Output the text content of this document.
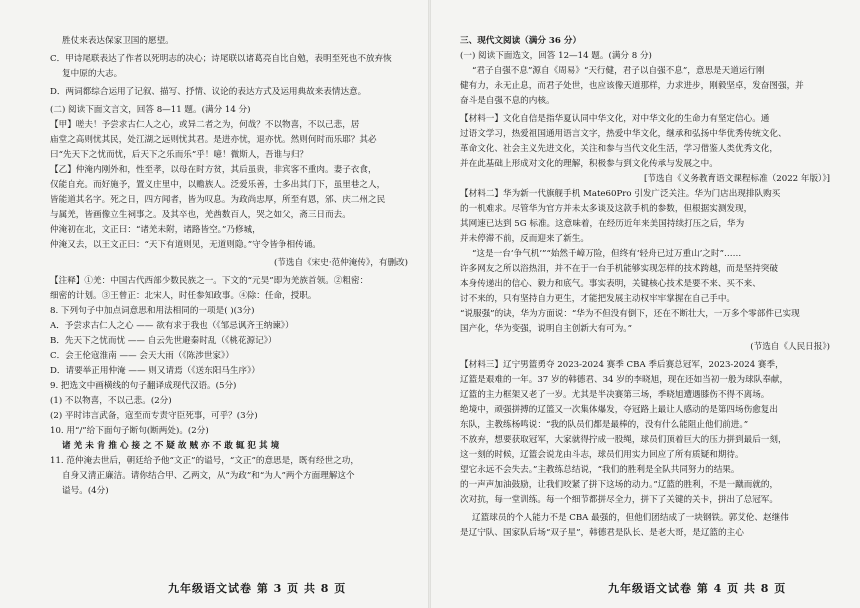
胜仗来表达保家卫国的愿望。
C．甲诗尾联表达了作者以死明志的决心；诗尾联以诸葛亮自比自勉，表明至死也不放弃恢
复中原的大志。
D．两词都综合运用了记叙、描写、抒情、议论的表达方式及运用典故来表情达意。
(二) 阅读下面文言文，回答 8—11 题。(满分 14 分)
【甲】嗟夫！予尝求古仁人之心，或异二者之为，何哉？不以物喜，不以己悲，居
庙堂之高则忧其民，处江湖之远则忧其君。是进亦忧，退亦忧。然则何时而乐耶？其必
曰“先天下之忧而忧，后天下之乐而乐”乎！噫！微斯人，吾谁与归？
【乙】仲淹内刚外和，性至孝，以母在时方贫，其后虽贵，非宾客不重肉。妻子衣食，
仅能自充。而好施予，置义庄里中，以赡族人。泛爱乐善，士多出其门下，虽里巷之人，
皆能道其名字。死之日，四方闻者，皆为叹息。为政尚忠厚，所至有恩，邠、庆二州之民
与属羌，皆画像立生祠事之。及其卒也，羌酋数百人，哭之如父，斋三日而去。
仲淹初在北，文正曰：“诸羌未附，诸路皆空。”乃修城，
仲淹又去，以王文正曰：“天下有道则见，无道则隐。”守令皆争相传诵。
(节选自《宋史·范仲淹传》，有删改)
【注释】①羌：中国古代西部少数民族之一。下文的“元昊”即为羌族首领。②粗密：
细密的计划。③王曾正：北宋人，时任参知政事。④除：任命，授职。
8. 下列句子中加点词意思和用法相同的一项是( )(3分)
A．予尝求古仁人之心 —— 欲有求于我也（《邹忌讽齐王纳谏》）
B．先天下之忧而忧 —— 自云先世避秦时乱（《桃花源记》）
C．会王伦寇淮南 —— 会天大雨（《陈涉世家》）
D．请要举正用仲淹 —— 则又请焉（《送东阳马生序》）
9. 把选文中画横线的句子翻译成现代汉语。(5分)
(1) 不以物喜，不以己悲。(2分)
(2) 平时讳言武备，寇至而专责守臣死事，可乎？(3分)
10. 用“/”给下面句子断句(断两处)。(2分)
诸 羌 未 肯 推 心 接 之 不 疑 故 贼 亦 不 敢 辄 犯 其 境
11. 范仲淹去世后，朝廷给予他“文正”的谥号，“文正”的意思是，既有经世之功，
自身又清正廉洁。请你结合甲、乙两文，从“为政”和“为人”两个方面理解这个
谥号。(4分)
九年级语文试卷 第 3 页 共 8 页
三、现代文阅读（满分 36 分）
(一) 阅读下面选文，回答 12—14 题。(满分 8 分)
“君子自强不息”源自《周易》“天行健，君子以自强不息”，意思是天道运行刚
健有力，永无止息，而君子处世，也应该像天道那样，力求进步，刚毅坚卓，发奋图强，并
奋斗是自强不息的内核。
【材料一】文化自信是指华夏认同中华文化，对中华文化的生命力有坚定信心。通
过语文学习，热爱祖国通用语言文字，热爱中华文化，继承和弘扬中华优秀传统文化、
革命文化、社会主义先进文化，关注和参与当代文化生活，学习借鉴人类优秀文化，
并在此基础上形成对文化的理解，积极参与到文化传承与发展之中。
[节选自《义务教育语文课程标准（2022 年版）》]
【材料二】华为新一代旗舰手机 Mate60Pro 引发广泛关注。华为门店出现排队购买
的一机难求。尽管华为官方并未太多谈及这款手机的参数，但根据实测发现，
其网速已达到 5G 标准。这意味着，在经历近年来美国持续打压之后，华为
并未停滞不前，反而迎来了新生。
“这是一台‘争气机’”“始然千嶂万险，但终有‘轻舟已过万重山’之时”……
许多网友之所以浴热泪，并不在于一台手机能够实现怎样的技术跨越，而是坚持突破
本身传递出的信心、毅力和底气。事实表明，关键核心技术是要不来、买不来、
讨不来的，只有坚持自力更生，才能把发展主动权牢牢掌握在自己手中。
“说服强”的诀，华为方面说：“华为不但没有倒下，还在不断壮大，一万多个零部件已实现
国产化，华为变强，说明自主创新大有可为。”
(节选自《人民日报》)
【材料三】辽宁男篮勇夺 2023-2024 赛季 CBA 季后赛总冠军，2023-2024 赛季，
辽篮是艰难的一年。37 岁的韩德君、34 岁的李晓旭，现在还如当初一般为球队奉献，
辽篮的主力框架又老了一岁。尤其是半决赛第三场，季晓旭遭遇膝伤不得不离场。
绝境中，顽强拼搏的辽篮又一次集体爆发，夺冠路上最让人感动的是第四场伤愈复出
东队，主教练杨鸣说：“我的队员们都是最棒的，没有什么能阻止他们前进。”
不放弃，想要获取冠军，大家就得拧成一股绳，球员们顶着巨大的压力拼到最后一刻，
这一刻的时候，辽篮会说龙由斗志，球员们用实力回应了所有质疑和期待。
望它永远不会失去。”主教练总结说，“我们的胜利是全队共同努力的结果。
的一声声加油鼓励，让我们咬紧了拼下这场的动力。”辽篮的胜利，不是一蹴而就的，
次对抗，每一堂训练。每一个细节都拼尽全力，拼下了关键的关卡，拼出了总冠军。
辽篮球员的个人能力不是 CBA 最强的，但他们团结成了一块钢铁。郭艾伦、赵继伟
是辽宁队、国家队后场“双子星”，韩德君是队长、是老大哥，是辽篮的主心
九年级语文试卷 第 4 页 共 8 页
